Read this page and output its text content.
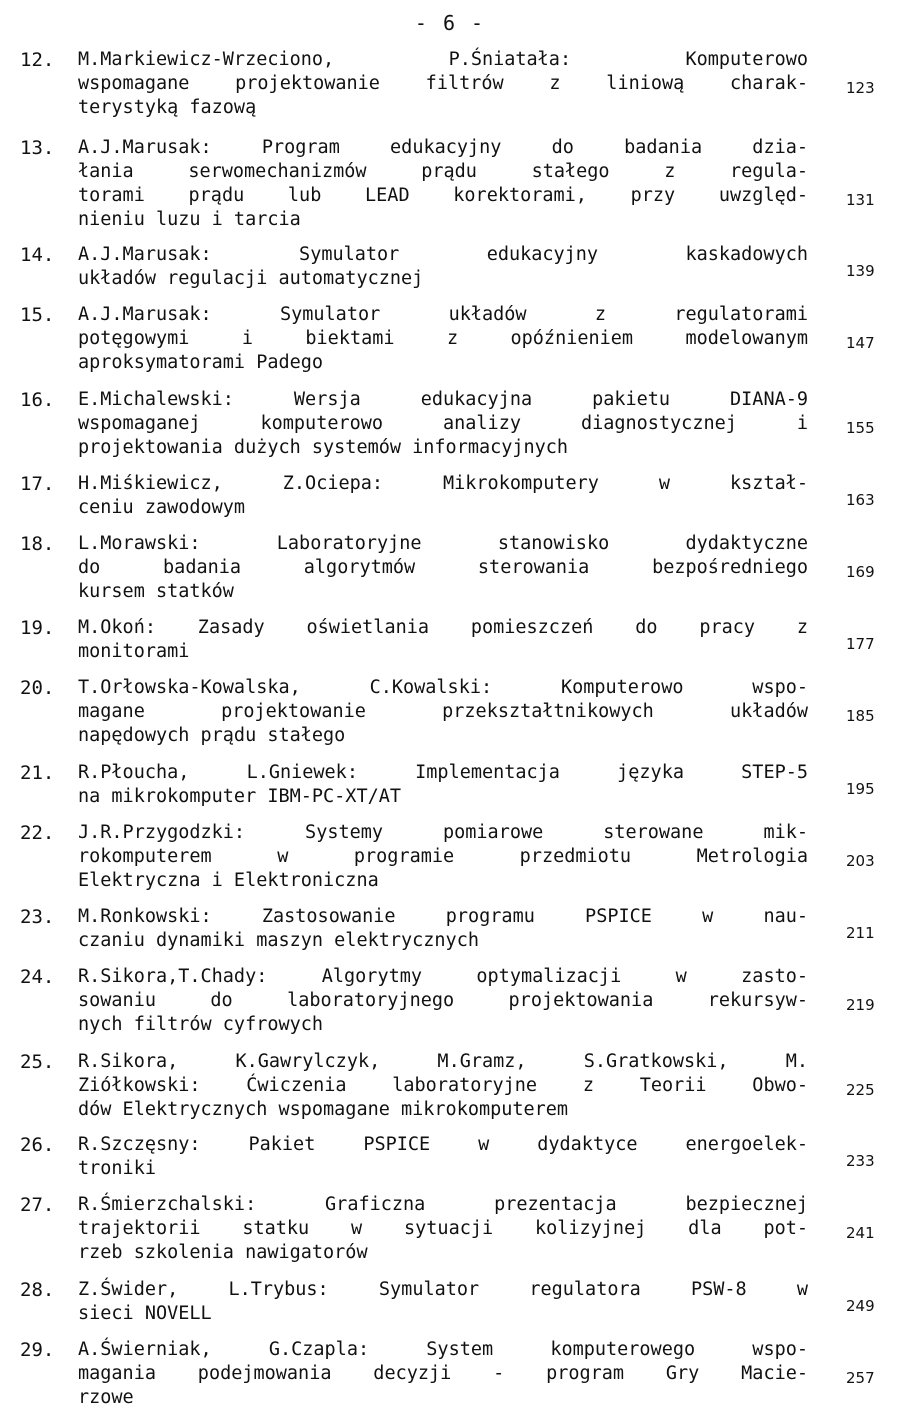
- 6 -
12.	M.Markiewicz-Wrzeciono, P.Śniatała: Komputerowo
wspomagane projektowanie filtrów z liniową charak-
terystyką fazową
123
13.	A.J.Marusak: Program edukacyjny do badania dzia-
łania serwomechanizmów prądu stałego z regula-
torami prądu lub LEAD korektorami, przy uwzględ-
nieniu luzu i tarcia
131
14.	A.J.Marusak: Symulator edukacyjny kaskadowych
układów regulacji automatycznej	139
15.	A.J.Marusak: Symulator układów z regulatorami
potęgowymi i biektami z opóźnieniem modelowanym
aproksymatorami Padego
147
16.	E.Michalewski: Wersja edukacyjna pakietu DIANA-9
wspomaganej komputerowo analizy diagnostycznej i
projektowania dużych systemów informacyjnych
155
17.	H.Miśkiewicz, Z.Ociepa: Mikrokomputery w kształ-
ceniu zawodowym	163
18.	L.Morawski: Laboratoryjne stanowisko dydaktyczne
do badania algorytmów sterowania bezpośredniego
kursem statków
169
19.	M.Okoń: Zasady oświetlania pomieszczeń do pracy z
monitorami	177
20.	T.Orłowska-Kowalska, C.Kowalski: Komputerowo wspo-
magane projektowanie przekształtnikowych układów
napędowych prądu stałego
185
21.	R.Płoucha, L.Gniewek: Implementacja języka STEP-5
na mikrokomputer IBM-PC-XT/AT	195
22.	J.R.Przygodzki: Systemy pomiarowe sterowane mik-
rokomputerem w programie przedmiotu Metrologia
Elektryczna i Elektroniczna
203
23.	M.Ronkowski: Zastosowanie programu PSPICE w nau-
czaniu dynamiki maszyn elektrycznych	211
24.	R.Sikora,T.Chady: Algorytmy optymalizacji w zasto-
sowaniu do laboratoryjnego projektowania rekursyw-
nych filtrów cyfrowych
219
25.	R.Sikora, K.Gawrylczyk, M.Gramz, S.Gratkowski, M.
Ziółkowski: Ćwiczenia laboratoryjne z Teorii Obwo-
dów Elektrycznych wspomagane mikrokomputerem
225
26.	R.Szczęsny: Pakiet PSPICE w dydaktyce energoelek-
troniki	233
27.	R.Śmierzchalski: Graficzna prezentacja bezpiecznej
trajektorii statku w sytuacji kolizyjnej dla pot-
rzeb szkolenia nawigatorów
241
28.	Z.Świder, L.Trybus: Symulator regulatora PSW-8 w
sieci NOVELL	249
29.	A.Świerniak, G.Czapla: System komputerowego wspo-
magania podejmowania decyzji - program Gry Macie-
rzowe
257
